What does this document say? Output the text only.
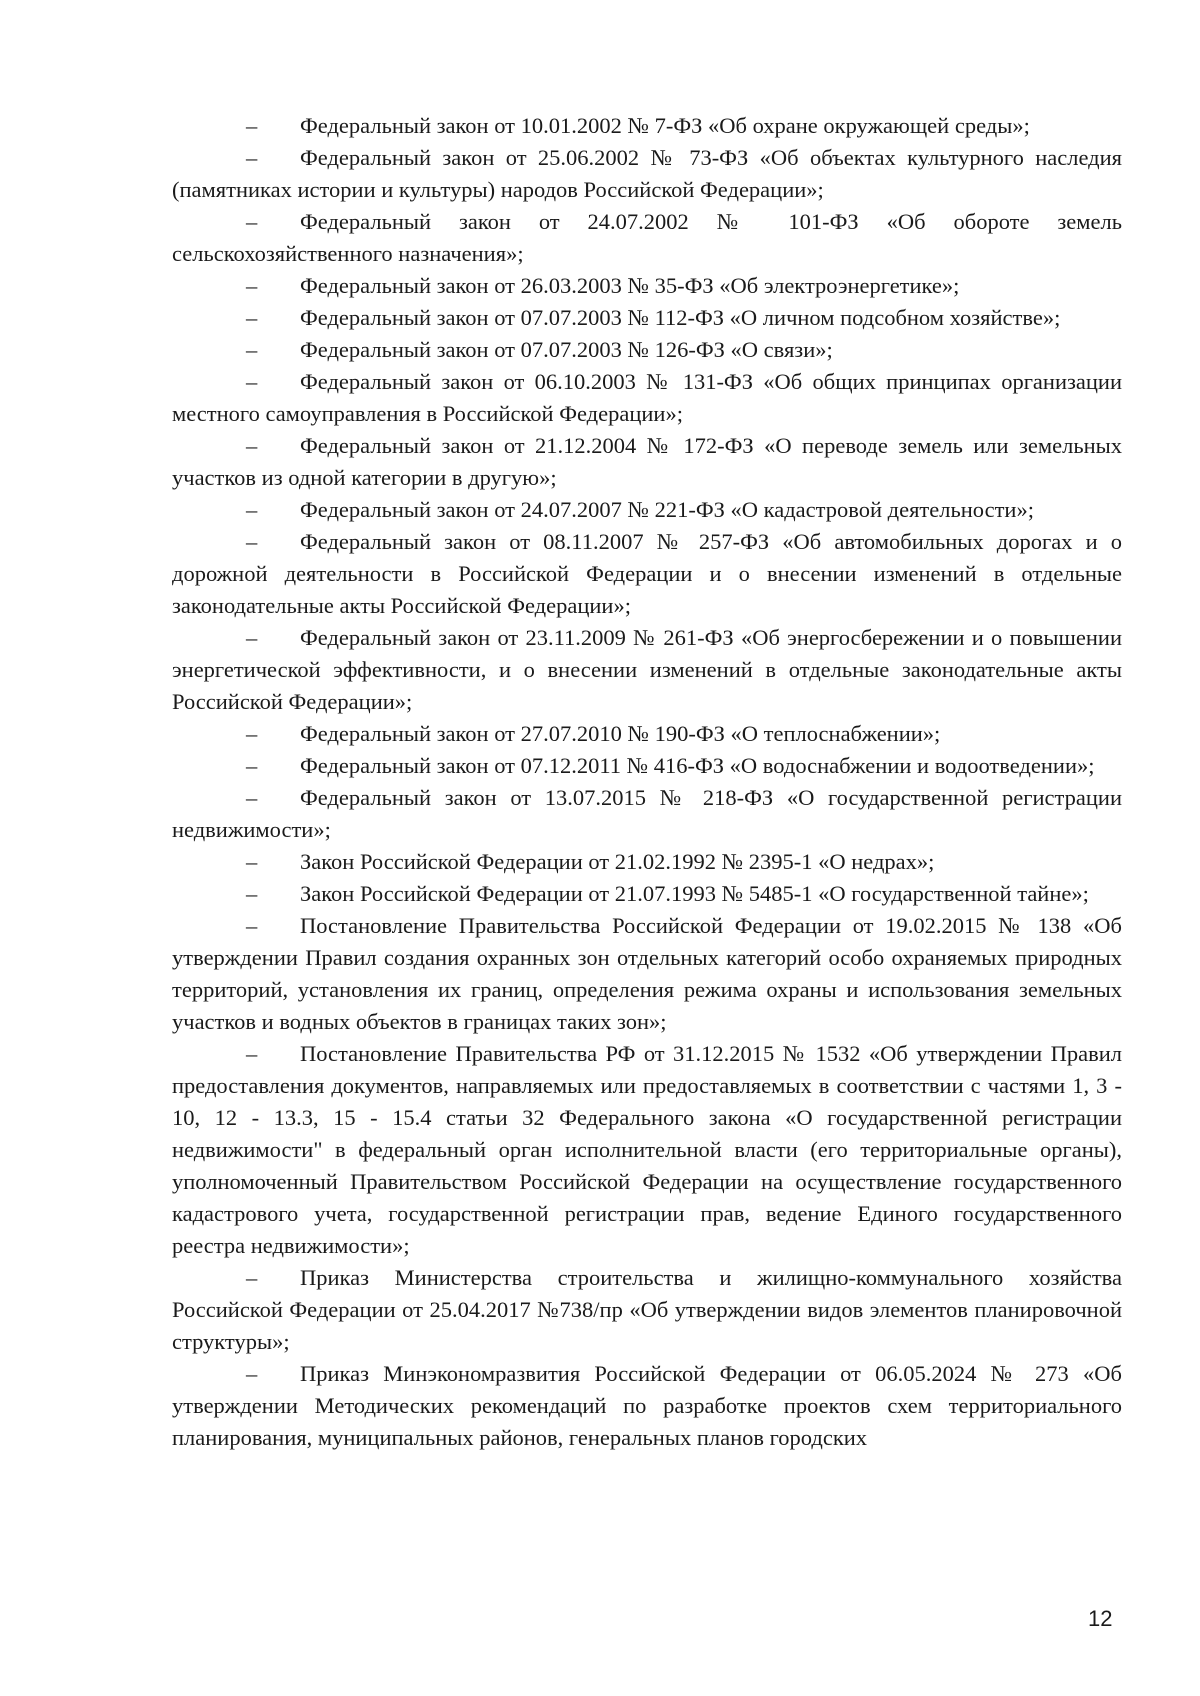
– Федеральный закон от 10.01.2002 № 7-ФЗ «Об охране окружающей среды»;

– Федеральный закон от 25.06.2002 № 73-ФЗ «Об объектах культурного наследия (памятниках истории и культуры) народов Российской Федерации»;

– Федеральный закон от 24.07.2002 № 101-ФЗ «Об обороте земель сельскохозяйственного назначения»;

– Федеральный закон от 26.03.2003 № 35-ФЗ «Об электроэнергетике»;

– Федеральный закон от 07.07.2003 № 112-ФЗ «О личном подсобном хозяйстве»;

– Федеральный закон от 07.07.2003 № 126-ФЗ «О связи»;

– Федеральный закон от 06.10.2003 № 131-ФЗ «Об общих принципах организации местного самоуправления в Российской Федерации»;

– Федеральный закон от 21.12.2004 № 172-ФЗ «О переводе земель или земельных участков из одной категории в другую»;

– Федеральный закон от 24.07.2007 № 221-ФЗ «О кадастровой деятельности»;

– Федеральный закон от 08.11.2007 № 257-ФЗ «Об автомобильных дорогах и о дорожной деятельности в Российской Федерации и о внесении изменений в отдельные законодательные акты Российской Федерации»;

– Федеральный закон от 23.11.2009 № 261-ФЗ «Об энергосбережении и о повышении энергетической эффективности, и о внесении изменений в отдельные законодательные акты Российской Федерации»;

– Федеральный закон от 27.07.2010 № 190-ФЗ «О теплоснабжении»;

– Федеральный закон от 07.12.2011 № 416-ФЗ «О водоснабжении и водоотведении»;

– Федеральный закон от 13.07.2015 № 218-ФЗ «О государственной регистрации недвижимости»;

– Закон Российской Федерации от 21.02.1992 № 2395-1 «О недрах»;

– Закон Российской Федерации от 21.07.1993 № 5485-1 «О государственной тайне»;

– Постановление Правительства Российской Федерации от 19.02.2015 № 138 «Об утверждении Правил создания охранных зон отдельных категорий особо охраняемых природных территорий, установления их границ, определения режима охраны и использования земельных участков и водных объектов в границах таких зон»;

– Постановление Правительства РФ от 31.12.2015 № 1532 «Об утверждении Правил предоставления документов, направляемых или предоставляемых в соответствии с частями 1, 3 - 10, 12 - 13.3, 15 - 15.4 статьи 32 Федерального закона «О государственной регистрации недвижимости" в федеральный орган исполнительной власти (его территориальные органы), уполномоченный Правительством Российской Федерации на осуществление государственного кадастрового учета, государственной регистрации прав, ведение Единого государственного реестра недвижимости»;

– Приказ Министерства строительства и жилищно-коммунального хозяйства Российской Федерации от 25.04.2017 №738/пр «Об утверждении видов элементов планировочной структуры»;

– Приказ Минэкономразвития Российской Федерации от 06.05.2024 № 273 «Об утверждении Методических рекомендаций по разработке проектов схем территориального планирования, муниципальных районов, генеральных планов городских

12
